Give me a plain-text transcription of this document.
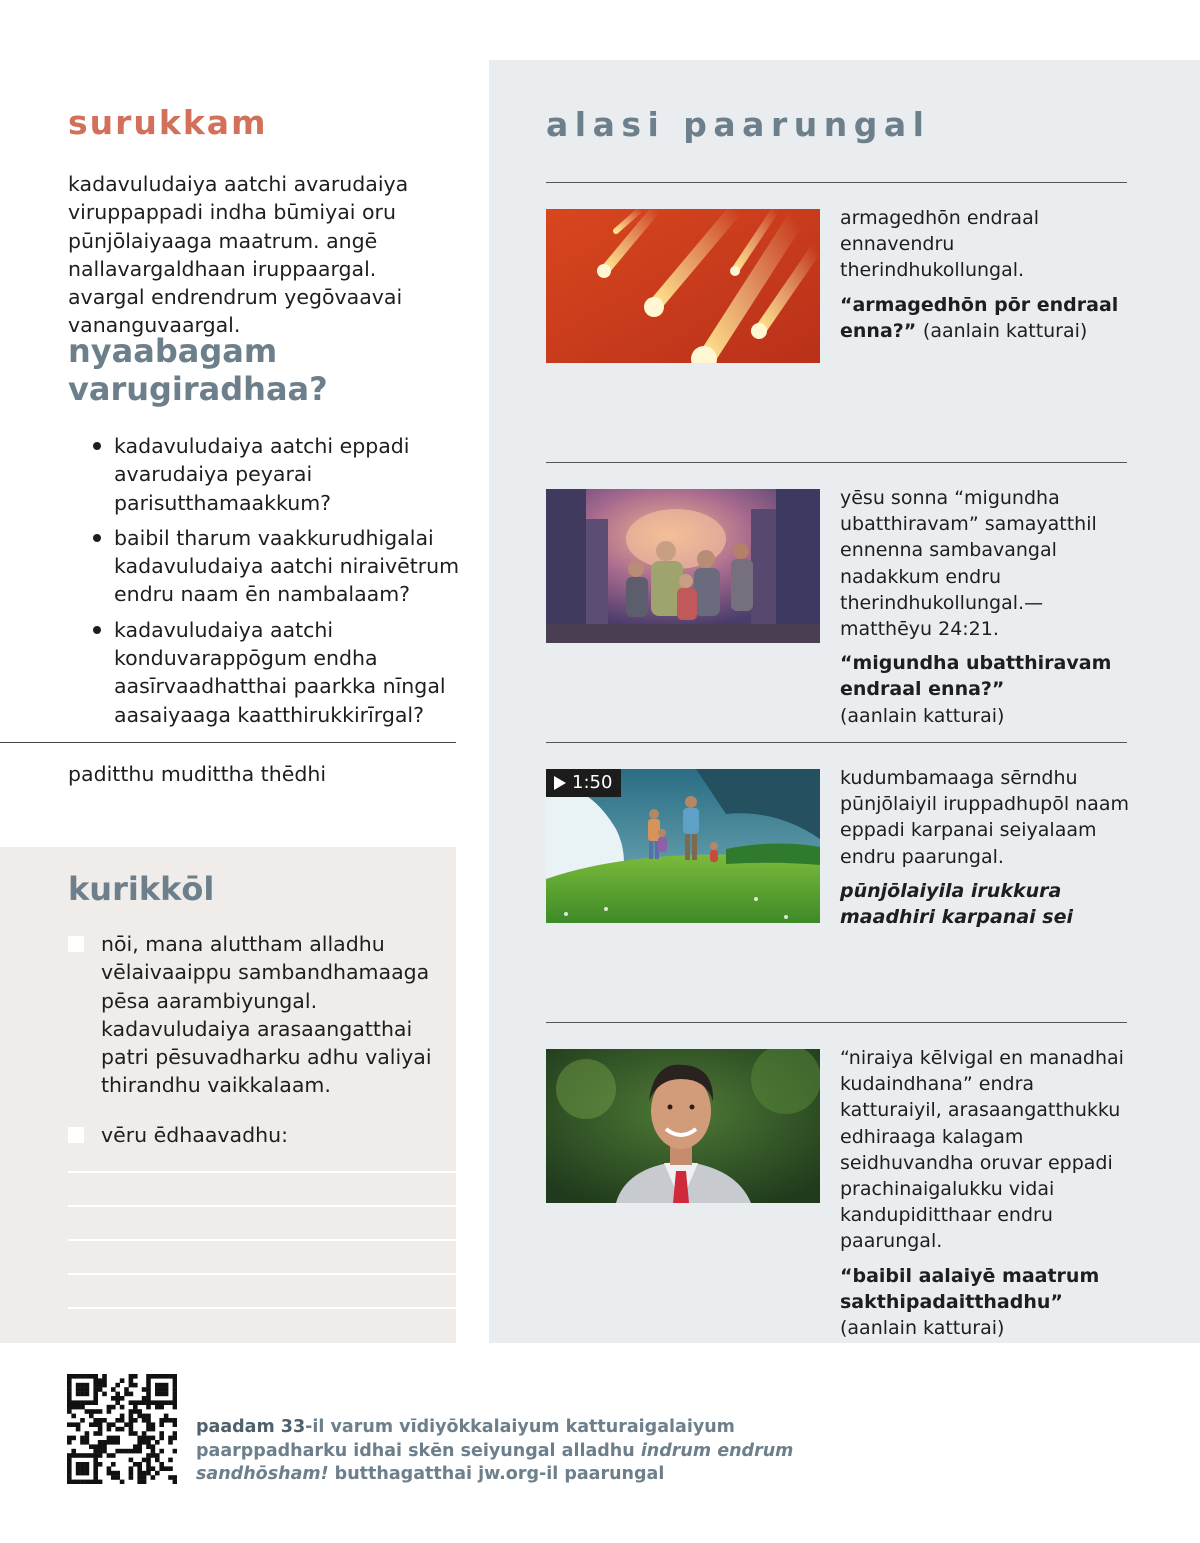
surukkam

kadavuludaiya aatchi avarudaiya viruppappadi indha būmiyai oru pūnjōlaiyaaga maatrum. angē nallavargaldhaan iruppaargal. avargal endrendrum yegōvaavai vananguvaargal.

nyaabagam varugiradhaa?
kadavuludaiya aatchi eppadi avarudaiya peyarai parisutthamaakkum?
baibil tharum vaakkurudhigalai kadavuludaiya aatchi niraivētrum endru naam ēn nambalaam?
kadavuludaiya aatchi konduvarappōgum endha aasīrvaadhatthai paarkka nīngal aasaiyaaga kaatthirukkirīrgal?
paditthu mudittha thēdhi
kurikkōl
nōi, mana aluttham alladhu vēlaivaaippu sambandhamaaga pēsa aarambiyungal. kadavuludaiya arasaangatthai patri pēsuvadharku adhu valiyai thirandhu vaikkalaam.
vēru ēdhaavadhu:
alasi paarungal

armagedhōn endraal ennavendru therindhukollungal.

“armagedhōn pōr endraal enna?” (aanlain katturai)

yēsu sonna “migundha ubatthiravam” samayatthil ennenna sambavangal nadakkum endru therindhukollungal.—matthēyu 24:21.

“migundha ubatthiravam endraal enna?”
(aanlain katturai)

1:50	kudumbamaaga sērndhu pūnjōlaiyil iruppadhupōl naam eppadi karpanai seiyalaam endru paarungal.

pūnjōlaiyila irukkura maadhiri karpanai sei

“niraiya kēlvigal en manadhai kudaindhana” endra katturaiyil, arasaangatthukku edhiraaga kalagam seidhuvandha oruvar eppadi prachinaigalukku vidai kandupiditthaar endru paarungal.

“baibil aalaiyē maatrum sakthipadaitthadhu”
(aanlain katturai)

paadam 33-il varum vīdiyōkkalaiyum katturaigalaiyum paarppadharku idhai skēn seiyungal alladhu indrum endrum sandhōsham! butthagatthai jw.org-il paarungal
